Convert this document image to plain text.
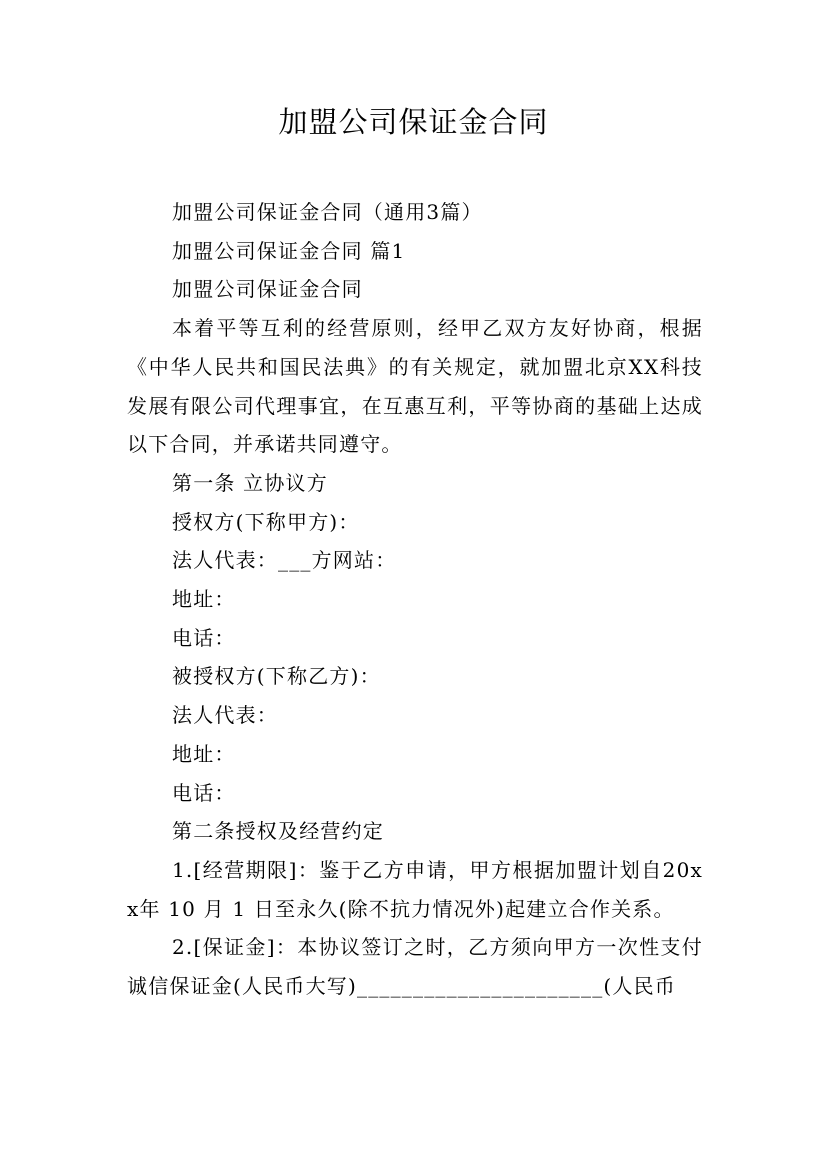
加盟公司保证金合同

加盟公司保证金合同（通用3篇）

加盟公司保证金合同 篇1

加盟公司保证金合同

本着平等互利的经营原则，经甲乙双方友好协商，根据《中华人民共和国民法典》的有关规定，就加盟北京XX科技发展有限公司代理事宜，在互惠互利，平等协商的基础上达成以下合同，并承诺共同遵守。

第一条 立协议方

授权方(下称甲方)：

法人代表：___方网站：

地址：

电话：

被授权方(下称乙方)：

法人代表：

地址：

电话：

第二条授权及经营约定

1.[经营期限]：鉴于乙方申请，甲方根据加盟计划自20xx年 10 月 1 日至永久(除不抗力情况外)起建立合作关系。

2.[保证金]：本协议签订之时，乙方须向甲方一次性支付诚信保证金(人民币大写)______________________(人民币
